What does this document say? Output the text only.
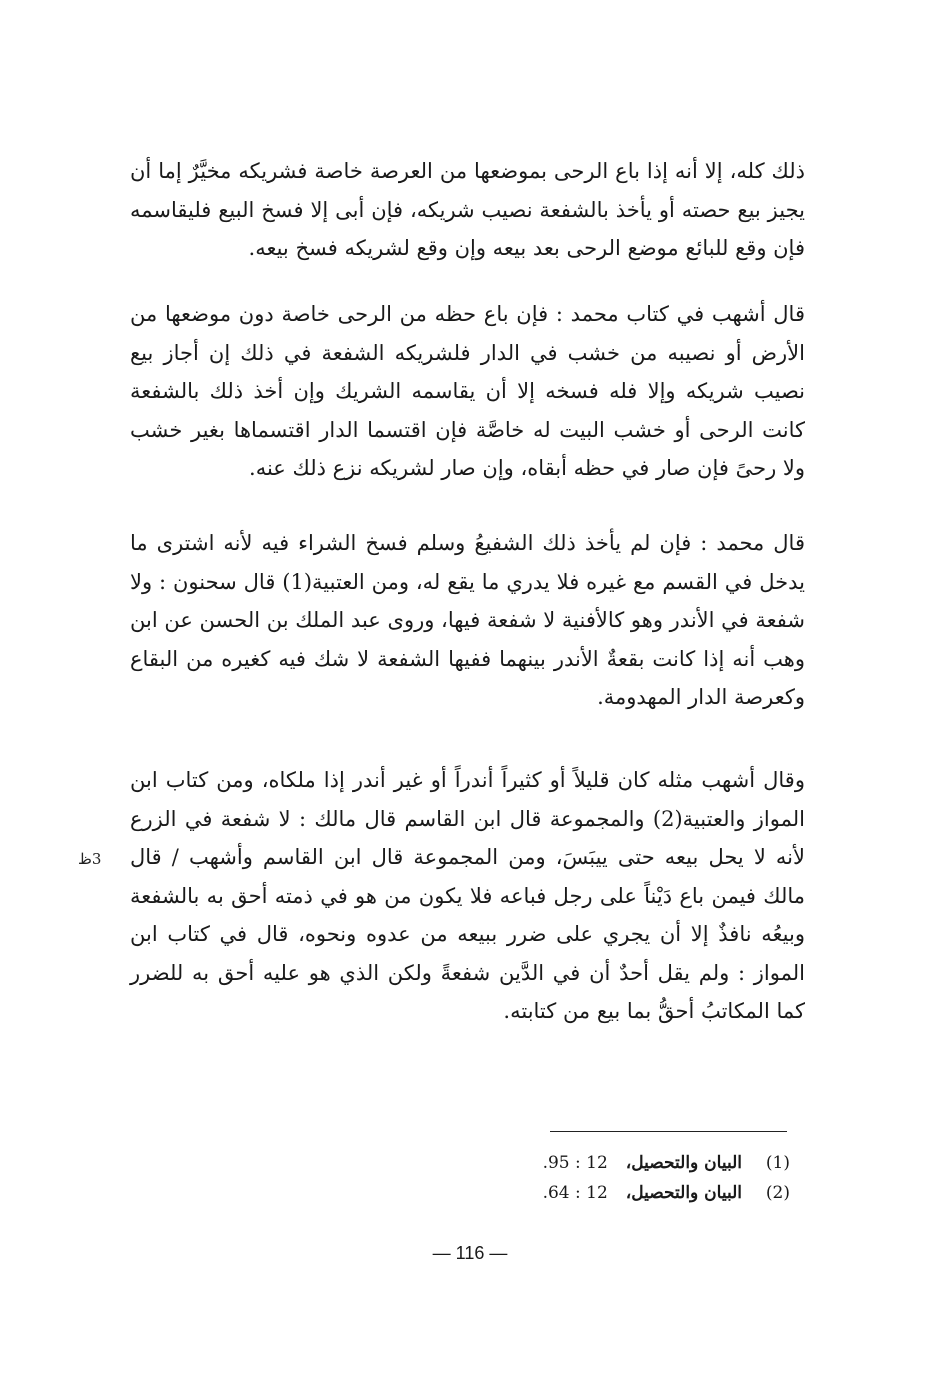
ذلك كله، إلا أنه إذا باع الرحى بموضعها من العرصة خاصة فشريكه مخيَّرٌ إما أن يجيز بيع حصته أو يأخذ بالشفعة نصيب شريكه، فإن أبى إلا فسخ البيع فليقاسمه فإن وقع للبائع موضع الرحى بعد بيعه وإن وقع لشريكه فسخ بيعه.

قال أشهب في كتاب محمد : فإن باع حظه من الرحى خاصة دون موضعها من الأرض أو نصيبه من خشب في الدار فلشريكه الشفعة في ذلك إن أجاز بيع نصيب شريكه وإلا فله فسخه إلا أن يقاسمه الشريك وإن أخذ ذلك بالشفعة كانت الرحى أو خشب البيت له خاصَّة فإن اقتسما الدار اقتسماها بغير خشب ولا رحىً فإن صار في حظه أبقاه، وإن صار لشريكه نزع ذلك عنه.

قال محمد : فإن لم يأخذ ذلك الشفيعُ وسلم فسخ الشراء فيه لأنه اشترى ما يدخل في القسم مع غيره فلا يدري ما يقع له، ومن العتبية(1) قال سحنون : ولا شفعة في الأندر وهو كالأفنية لا شفعة فيها، وروى عبد الملك بن الحسن عن ابن وهب أنه إذا كانت بقعةٌ الأندر بينهما ففيها الشفعة لا شك فيه كغيره من البقاع وكعرصة الدار المهدومة.

وقال أشهب مثله كان قليلاً أو كثيراً أندراً أو غير أندر إذا ملكاه، ومن كتاب ابن المواز والعتبية(2) والمجموعة قال ابن القاسم قال مالك : لا شفعة في الزرع لأنه لا يحل بيعه حتى ييبَسَ، ومن المجموعة قال ابن القاسم وأشهب / قال مالك فيمن باع دَيْناً على رجل فباعه فلا يكون من هو في ذمته أحق به بالشفعة وبيعُه نافذٌ إلا أن يجري على ضرر ببيعه من عدوه ونحوه، قال في كتاب ابن المواز : ولم يقل أحدٌ أن في الدَّين شفعةً ولكن الذي هو عليه أحق به للضرر كما المكاتبُ أحقُّ بما بيع من كتابته.

3ظ
(1)
البيان والتحصيل،
12 : 95.
(2)
البيان والتحصيل،
12 : 64.
— 116 —
